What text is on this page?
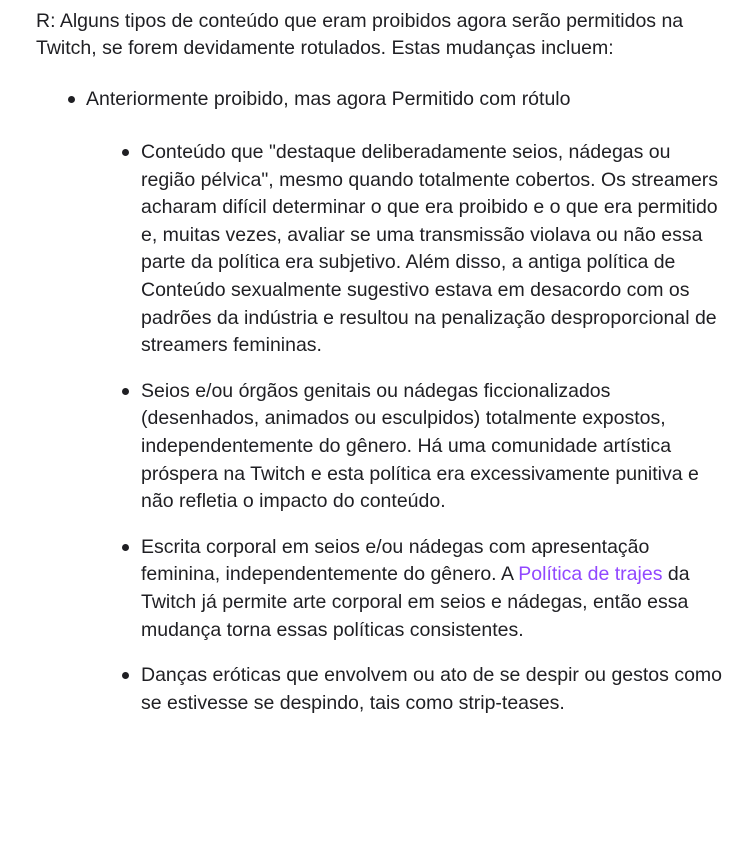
R: Alguns tipos de conteúdo que eram proibidos agora serão permitidos na Twitch, se forem devidamente rotulados. Estas mudanças incluem:

Anteriormente proibido, mas agora Permitido com rótulo
Conteúdo que "destaque deliberadamente seios, nádegas ou região pélvica", mesmo quando totalmente cobertos. Os streamers acharam difícil determinar o que era proibido e o que era permitido e, muitas vezes, avaliar se uma transmissão violava ou não essa parte da política era subjetivo. Além disso, a antiga política de Conteúdo sexualmente sugestivo estava em desacordo com os padrões da indústria e resultou na penalização desproporcional de streamers femininas.
Seios e/ou órgãos genitais ou nádegas ficcionalizados (desenhados, animados ou esculpidos) totalmente expostos, independentemente do gênero. Há uma comunidade artística próspera na Twitch e esta política era excessivamente punitiva e não refletia o impacto do conteúdo.
Escrita corporal em seios e/ou nádegas com apresentação feminina, independentemente do gênero. A Política de trajes da Twitch já permite arte corporal em seios e nádegas, então essa mudança torna essas políticas consistentes.
Danças eróticas que envolvem ou ato de se despir ou gestos como se estivesse se despindo, tais como strip-teases.
